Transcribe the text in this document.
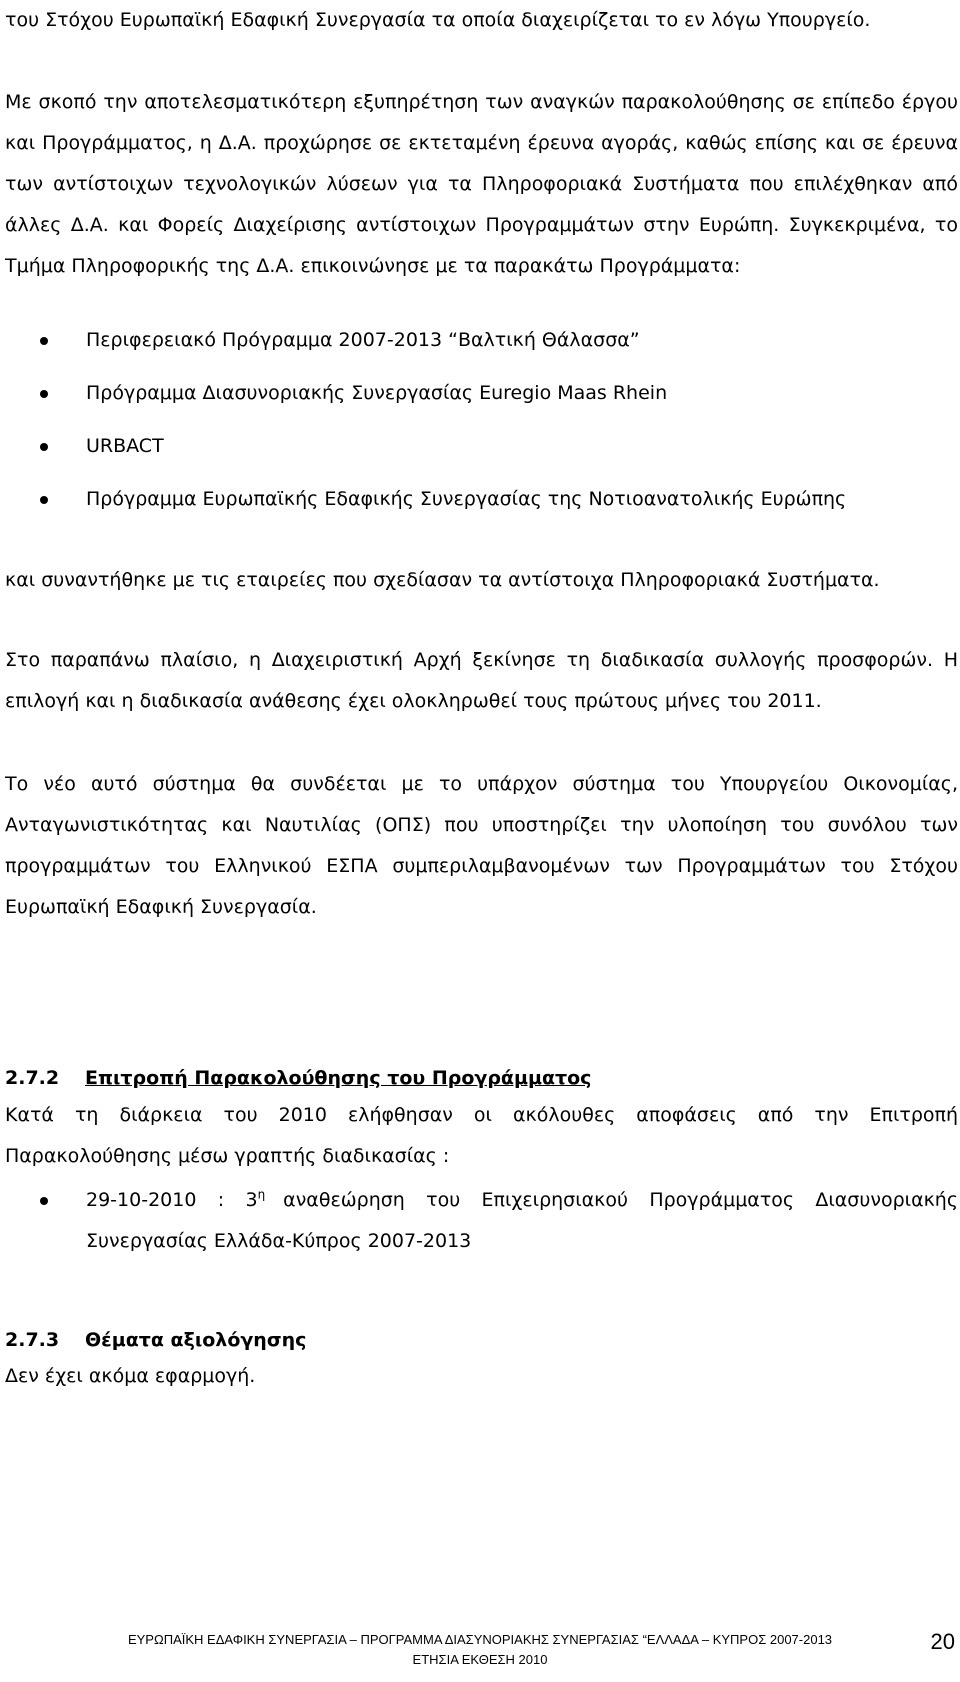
του Στόχου Ευρωπαϊκή Εδαφική Συνεργασία τα οποία διαχειρίζεται το εν λόγω Υπουργείο.

Με σκοπό την αποτελεσματικότερη εξυπηρέτηση των αναγκών παρακολούθησης σε επίπεδο έργου και Προγράμματος, η Δ.Α. προχώρησε σε εκτεταμένη έρευνα αγοράς, καθώς επίσης και σε έρευνα των αντίστοιχων τεχνολογικών λύσεων για τα Πληροφοριακά Συστήματα που επιλέχθηκαν από άλλες Δ.Α. και Φορείς Διαχείρισης αντίστοιχων Προγραμμάτων στην Ευρώπη. Συγκεκριμένα, το Τμήμα Πληροφορικής της Δ.Α. επικοινώνησε με τα παρακάτω Προγράμματα:

Περιφερειακό Πρόγραμμα 2007-2013 “Βαλτική Θάλασσα”
Πρόγραμμα Διασυνοριακής Συνεργασίας Euregio Maas Rhein
URBACT
Πρόγραμμα Ευρωπαϊκής Εδαφικής Συνεργασίας της Νοτιοανατολικής Ευρώπης

και συναντήθηκε με τις εταιρείες που σχεδίασαν τα αντίστοιχα Πληροφοριακά Συστήματα.

Στο παραπάνω πλαίσιο, η Διαχειριστική Αρχή ξεκίνησε τη διαδικασία συλλογής προσφορών. Η επιλογή και η διαδικασία ανάθεσης έχει ολοκληρωθεί τους πρώτους μήνες του 2011.

Το νέο αυτό σύστημα θα συνδέεται με το υπάρχον σύστημα του Υπουργείου Οικονομίας, Ανταγωνιστικότητας και Ναυτιλίας (ΟΠΣ) που υποστηρίζει την υλοποίηση του συνόλου των προγραμμάτων του Ελληνικού ΕΣΠΑ συμπεριλαμβανομένων των Προγραμμάτων του Στόχου Ευρωπαϊκή Εδαφική Συνεργασία.

2.7.2 Επιτροπή Παρακολούθησης του Προγράμματος

Κατά τη διάρκεια του 2010 ελήφθησαν οι ακόλουθες αποφάσεις από την Επιτροπή Παρακολούθησης μέσω γραπτής διαδικασίας :

29-10-2010 : $3^\eta$ αναθεώρηση του Επιχειρησιακού Προγράμματος Διασυνοριακής Συνεργασίας Ελλάδα-Κύπρος 2007-2013
2.7.3 Θέματα αξιολόγησης

Δεν έχει ακόμα εφαρμογή.

ΕΥΡΩΠΑΪΚΗ ΕΔΑΦΙΚΗ ΣΥΝΕΡΓΑΣΙΑ – ΠΡΟΓΡΑΜΜΑ ΔΙΑΣΥΝΟΡΙΑΚΗΣ ΣΥΝΕΡΓΑΣΙΑΣ “ΕΛΛΑΔΑ – ΚΥΠΡΟΣ 2007-2013
ΕΤΗΣΙΑ ΕΚΘΕΣΗ 2010
20
